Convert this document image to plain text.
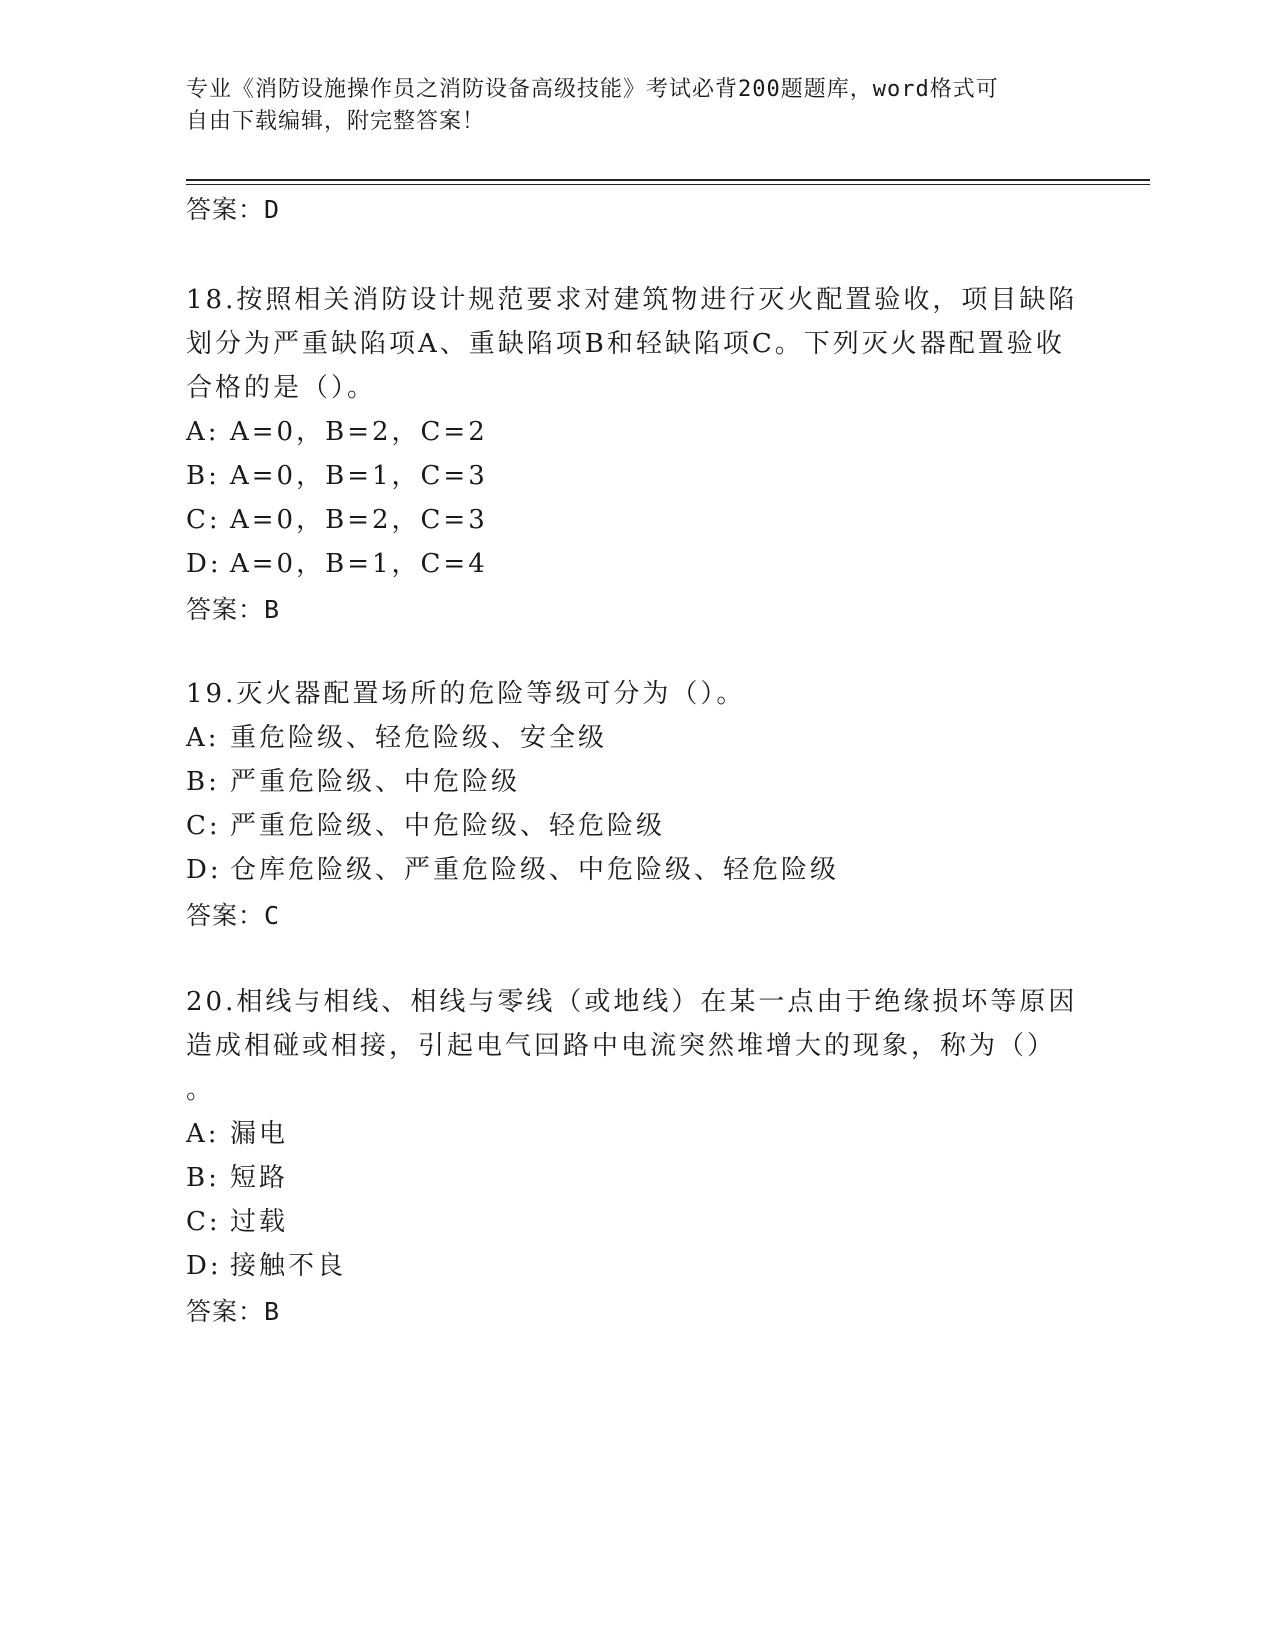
专业《消防设施操作员之消防设备高级技能》考试必背200题题库，word格式可
自由下载编辑，附完整答案！
答案：D
18.按照相关消防设计规范要求对建筑物进行灭火配置验收，项目缺陷
划分为严重缺陷项A、重缺陷项B和轻缺陷项C。下列灭火器配置验收
合格的是（）。
A: A=0，B=2，C=2
B: A=0，B=1，C=3
C: A=0，B=2，C=3
D: A=0，B=1，C=4
答案：B
19.灭火器配置场所的危险等级可分为（）。
A: 重危险级、轻危险级、安全级
B: 严重危险级、中危险级
C: 严重危险级、中危险级、轻危险级
D: 仓库危险级、严重危险级、中危险级、轻危险级
答案：C
20.相线与相线、相线与零线（或地线）在某一点由于绝缘损坏等原因
造成相碰或相接，引起电气回路中电流突然堆增大的现象，称为（）
。
A: 漏电
B: 短路
C: 过载
D: 接触不良
答案：B
